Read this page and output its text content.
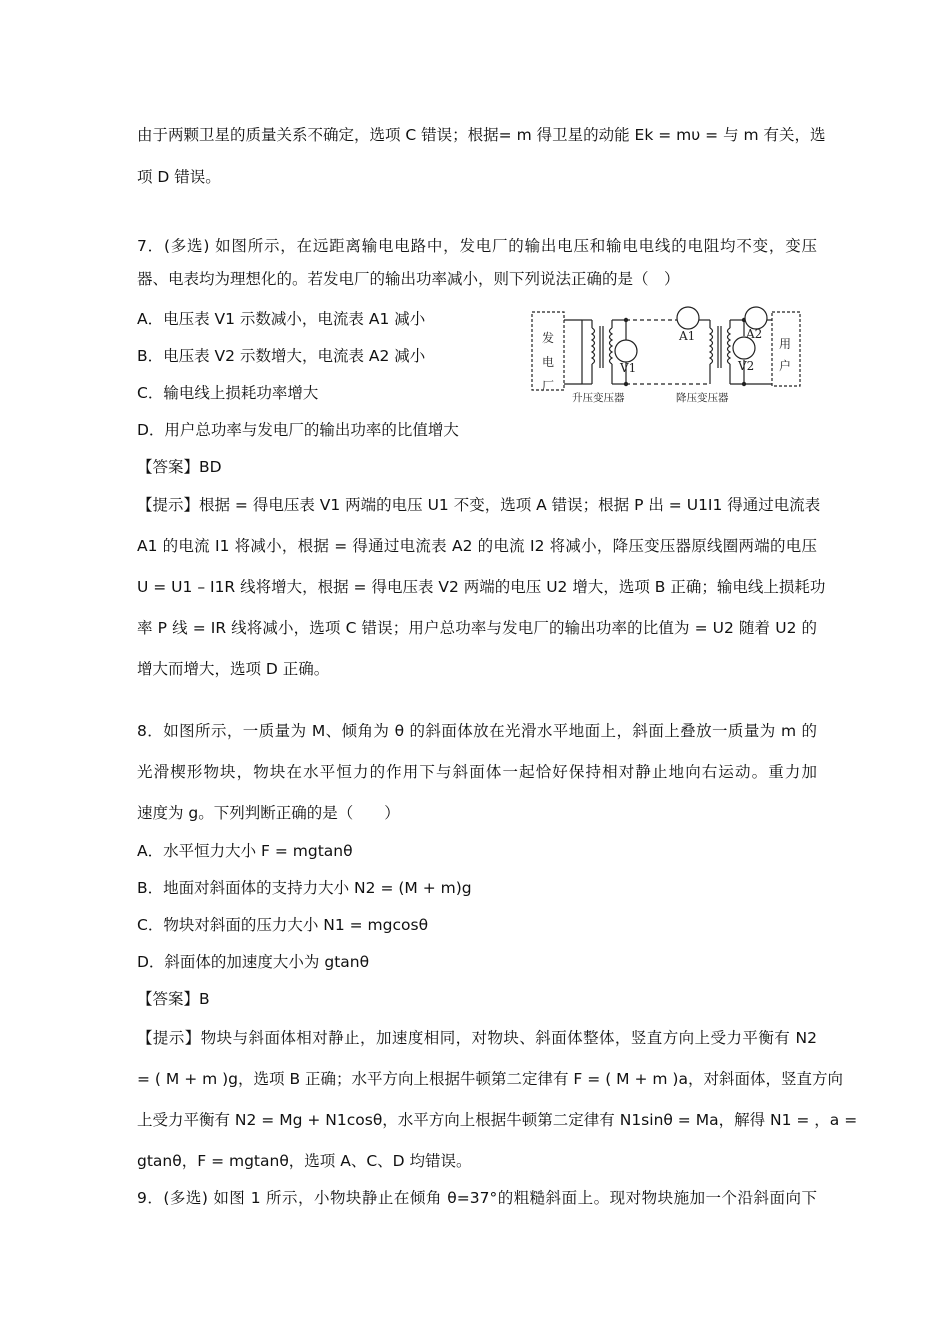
由于两颗卫星的质量关系不确定，选项 C 错误；根据= m 得卫星的动能 Ek = mυ = 与 m 有关，选
项 D 错误。
7．(多选) 如图所示，在远距离输电电路中，发电厂的输出电压和输电电线的电阻均不变，变压
器、电表均为理想化的。若发电厂的输出功率减小，则下列说法正确的是（　）
A．电压表 V1 示数减小，电流表 A1 减小
B．电压表 V2 示数增大，电流表 A2 减小
C．输电线上损耗功率增大
D．用户总功率与发电厂的输出功率的比值增大
【答案】BD
【提示】根据 = 得电压表 V1 两端的电压 U1 不变，选项 A 错误；根据 P 出 = U1I1 得通过电流表
A1 的电流 I1 将减小，根据 = 得通过电流表 A2 的电流 I2 将减小，降压变压器原线圈两端的电压
U = U1 – I1R 线将增大，根据 = 得电压表 V2 两端的电压 U2 增大，选项 B 正确；输电线上损耗功
率 P 线 = IR 线将减小，选项 C 错误；用户总功率与发电厂的输出功率的比值为 = U2 随着 U2 的
增大而增大，选项 D 正确。
8．如图所示，一质量为 M、倾角为 θ 的斜面体放在光滑水平地面上，斜面上叠放一质量为 m 的
光滑楔形物块，物块在水平恒力的作用下与斜面体一起恰好保持相对静止地向右运动。重力加
速度为 g。下列判断正确的是（　　）
A．水平恒力大小 F = mgtanθ
B．地面对斜面体的支持力大小 N2 = (M + m)g
C．物块对斜面的压力大小 N1 = mgcosθ
D．斜面体的加速度大小为 gtanθ
【答案】B
【提示】物块与斜面体相对静止，加速度相同，对物块、斜面体整体，竖直方向上受力平衡有 N2
= ( M + m )g，选项 B 正确；水平方向上根据牛顿第二定律有 F = ( M + m )a，对斜面体，竖直方向
上受力平衡有 N2 = Mg + N1cosθ，水平方向上根据牛顿第二定律有 N1sinθ = Ma，解得 N1 = ，a =
gtanθ，F = mgtanθ，选项 A、C、D 均错误。
9．(多选) 如图 1 所示，小物块静止在倾角 θ=37°的粗糙斜面上。现对物块施加一个沿斜面向下
V1
A1
V2
A2
发
电
厂
用
户
升压变压器	降压变压器
